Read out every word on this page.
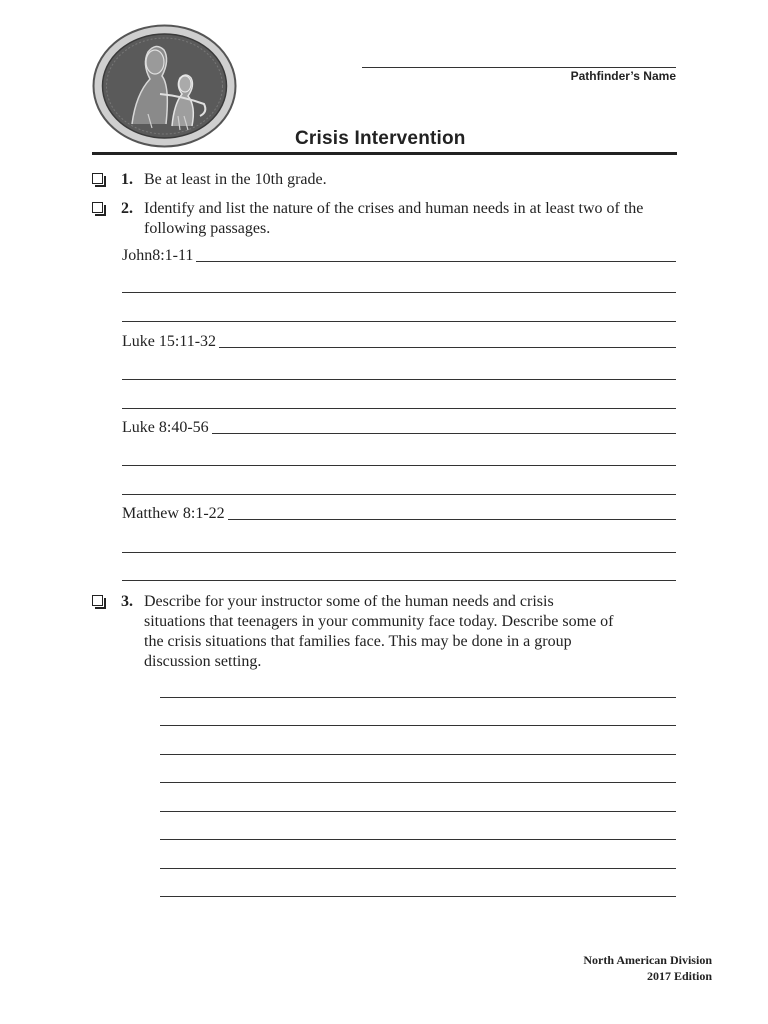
Pathfinder’s Name
Crisis Intervention
1. Be at least in the 10th grade.
2. Identify and list the nature of the crises and human needs in at least two of the following passages.
John8:1-11
Luke 15:11-32
Luke 8:40-56
Matthew 8:1-22
3. Describe for your instructor some of the human needs and crisis situations that teenagers in your community face today. Describe some of the crisis situations that families face. This may be done in a group discussion setting.
North American Division
2017 Edition
